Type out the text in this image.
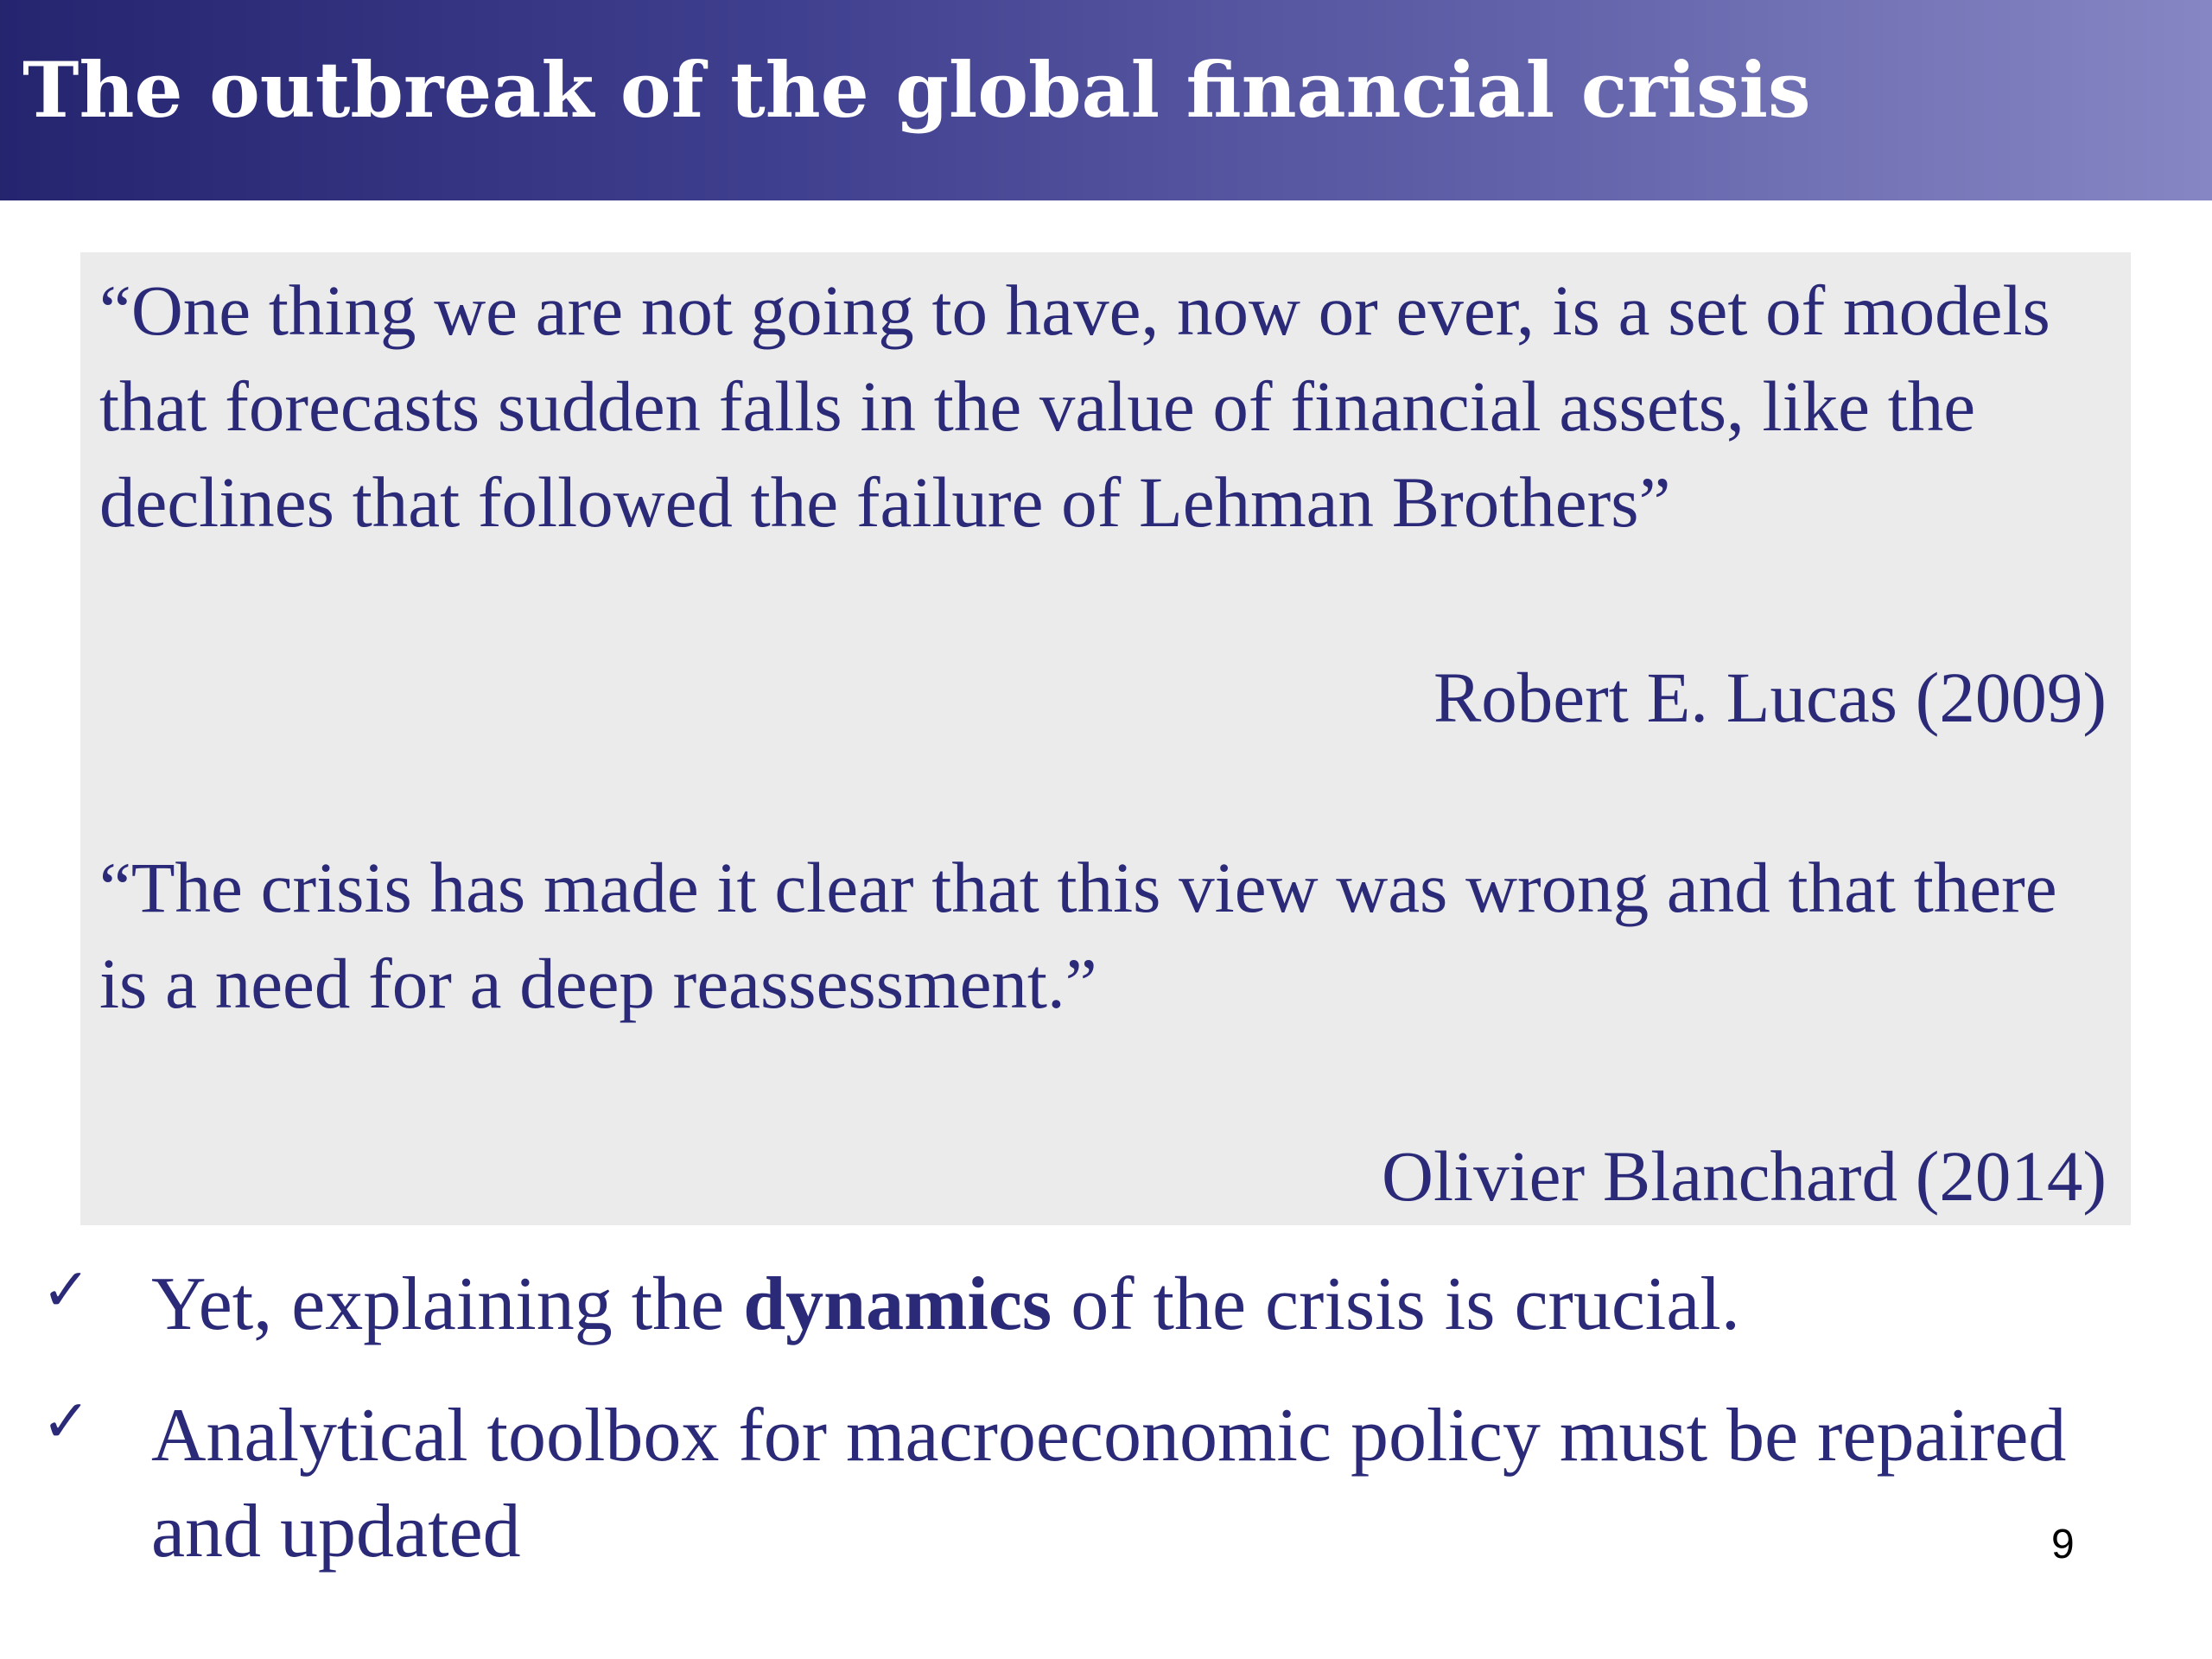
The outbreak of the global financial crisis
“One thing we are not going to have, now or ever, is a set of models that forecasts sudden falls in the value of financial assets, like the declines that followed the failure of Lehman Brothers”
Robert E. Lucas (2009)
“The crisis has made it clear that this view was wrong and that there is a need for a deep reassessment.”
Olivier Blanchard (2014)
✓ Yet, explaining the dynamics of the crisis is crucial.
✓ Analytical toolbox for macroeconomic policy must be repaired and updated	9
